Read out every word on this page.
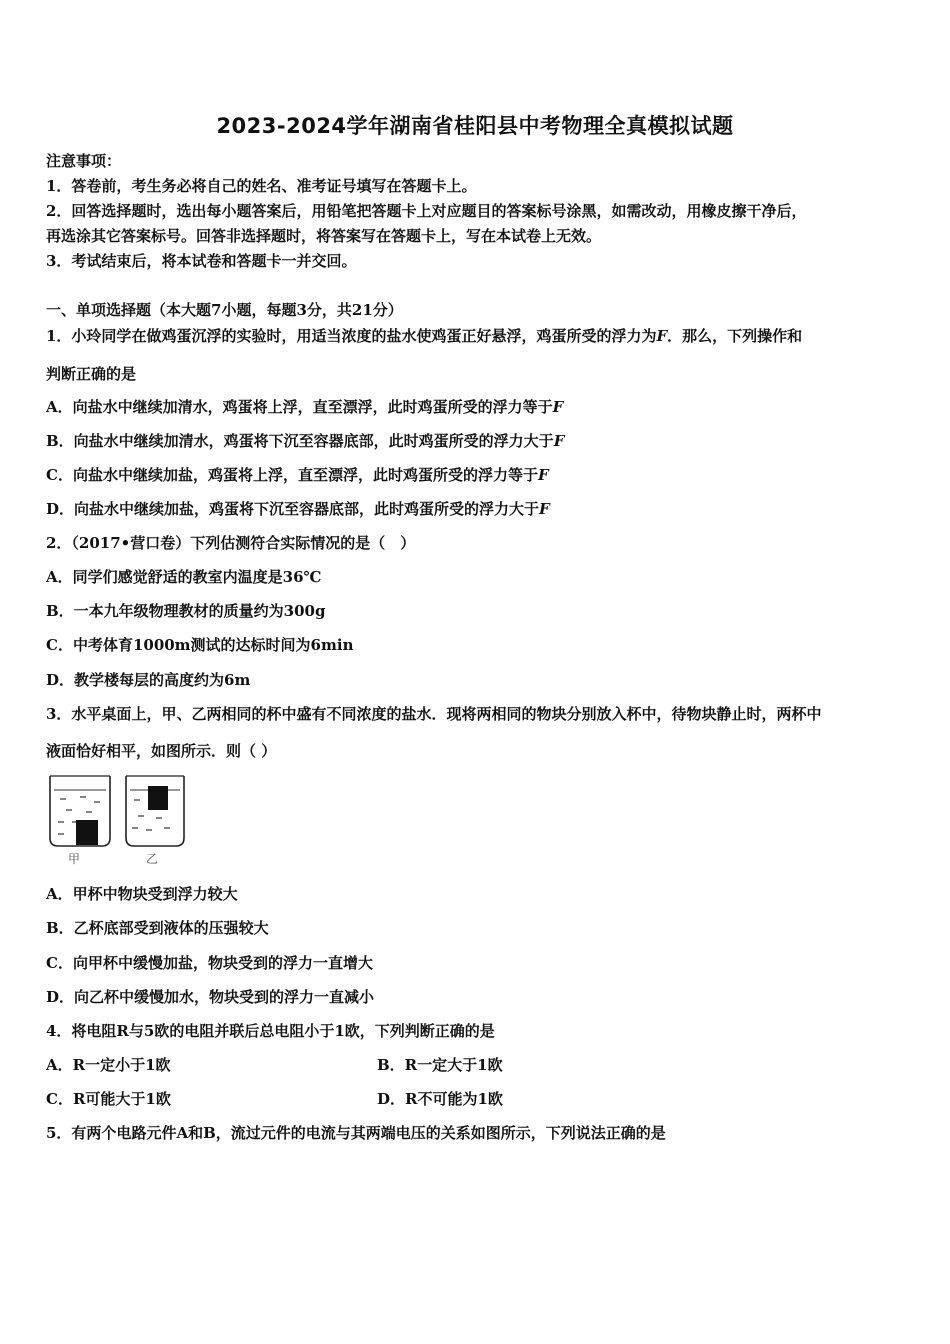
2023-2024学年湖南省桂阳县中考物理全真模拟试题
注意事项：
1．答卷前，考生务必将自己的姓名、准考证号填写在答题卡上。
2．回答选择题时，选出每小题答案后，用铅笔把答题卡上对应题目的答案标号涂黑，如需改动，用橡皮擦干净后，
再选涂其它答案标号。回答非选择题时，将答案写在答题卡上，写在本试卷上无效。
3．考试结束后，将本试卷和答题卡一并交回。
一、单项选择题（本大题7小题，每题3分，共21分）
1．小玲同学在做鸡蛋沉浮的实验时，用适当浓度的盐水使鸡蛋正好悬浮，鸡蛋所受的浮力为F．那么，下列操作和
判断正确的是
A．向盐水中继续加清水，鸡蛋将上浮，直至漂浮，此时鸡蛋所受的浮力等于F
B．向盐水中继续加清水，鸡蛋将下沉至容器底部，此时鸡蛋所受的浮力大于F
C．向盐水中继续加盐，鸡蛋将上浮，直至漂浮，此时鸡蛋所受的浮力等于F
D．向盐水中继续加盐，鸡蛋将下沉至容器底部，此时鸡蛋所受的浮力大于F
2．（2017•营口卷）下列估测符合实际情况的是（　）
A．同学们感觉舒适的教室内温度是36℃
B．一本九年级物理教材的质量约为300g
C．中考体育1000m测试的达标时间为6min
D．教学楼每层的高度约为6m
3．水平桌面上，甲、乙两相同的杯中盛有不同浓度的盐水．现将两相同的物块分别放入杯中，待物块静止时，两杯中
液面恰好相平，如图所示．则（ ）
甲	乙
A．甲杯中物块受到浮力较大
B．乙杯底部受到液体的压强较大
C．向甲杯中缓慢加盐，物块受到的浮力一直增大
D．向乙杯中缓慢加水，物块受到的浮力一直减小
4．将电阻R与5欧的电阻并联后总电阻小于1欧，下列判断正确的是
A．R一定小于1欧	B．R一定大于1欧
C．R可能大于1欧	D．R不可能为1欧
5．有两个电路元件A和B，流过元件的电流与其两端电压的关系如图所示，下列说法正确的是
